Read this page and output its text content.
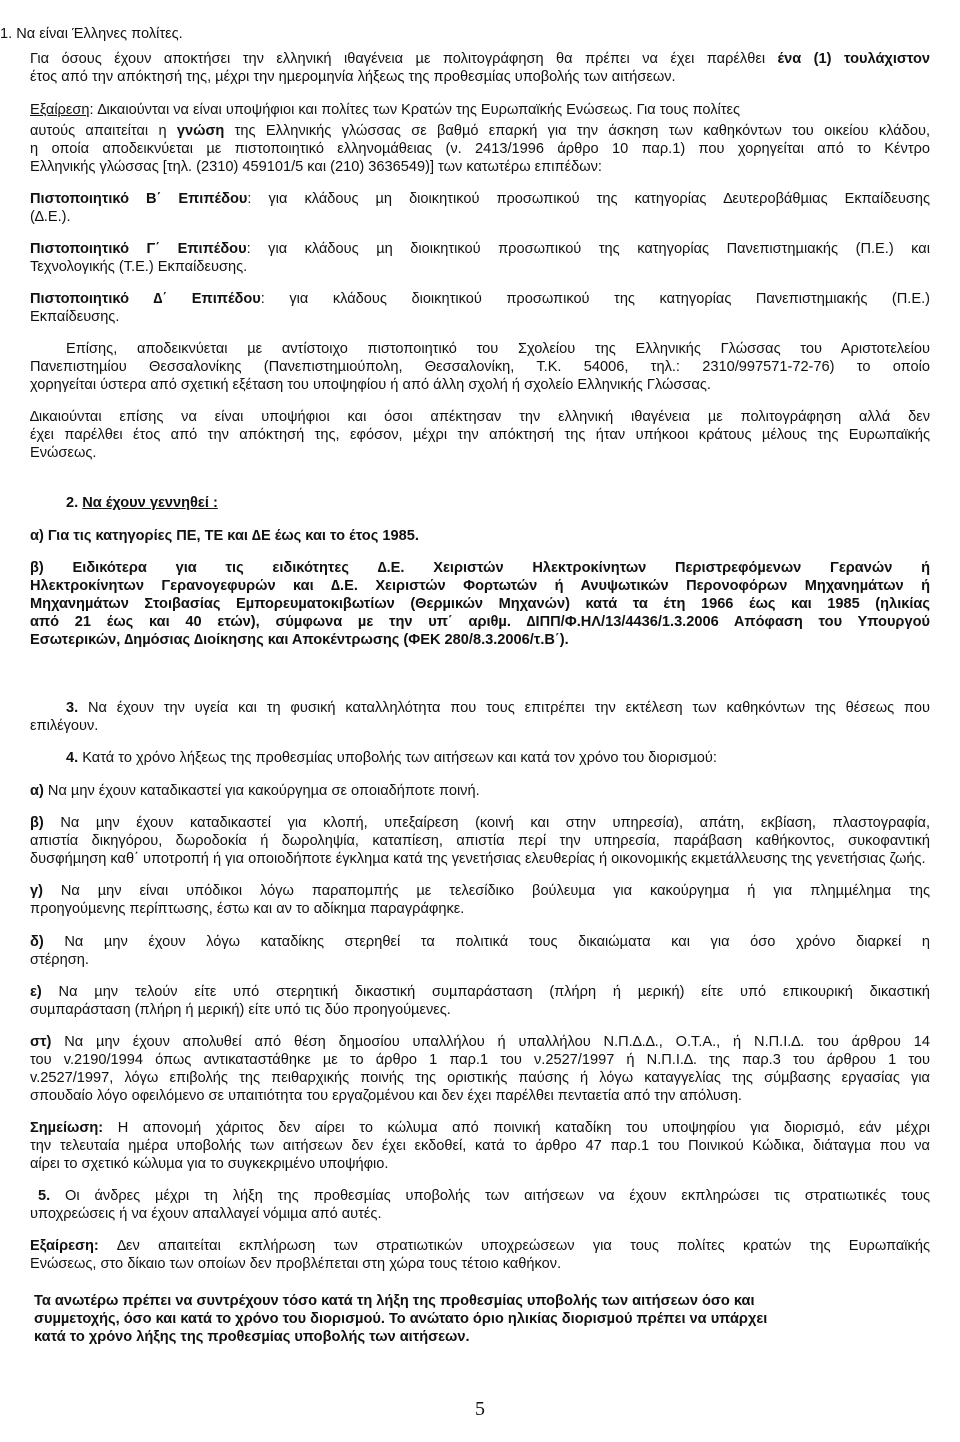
1. Να είναι Έλληνες πολίτες.
Για όσους έχουν αποκτήσει την ελληνική ιθαγένεια µε πολιτογράφηση θα πρέπει να έχει παρέλθει ένα (1) τουλάχιστον
έτος από την απόκτησή της, µέχρι την ηµεροµηνία λήξεως της προθεσµίας υποβολής των αιτήσεων.
Εξαίρεση: ∆ικαιούνται να είναι υποψήφιοι και πολίτες των Κρατών της Ευρωπαϊκής Ενώσεως. Για τους πολίτες
αυτούς απαιτείται η γνώση της Ελληνικής γλώσσας σε βαθµό επαρκή για την άσκηση των καθηκόντων του οικείου κλάδου,
η οποία αποδεικνύεται µε πιστοποιητικό ελληνοµάθειας (ν. 2413/1996 άρθρο 10 παρ.1) που χορηγείται από το Κέντρο
Ελληνικής γλώσσας [τηλ. (2310) 459101/5 και (210) 3636549)] των κατωτέρω επιπέδων:
Πιστοποιητικό Β΄ Επιπέδου: για κλάδους µη διοικητικού προσωπικού της κατηγορίας ∆ευτεροβάθµιας Εκπαίδευσης
(∆.Ε.).
Πιστοποιητικό Γ΄ Επιπέδου: για κλάδους µη διοικητικού προσωπικού της κατηγορίας Πανεπιστηµιακής (Π.Ε.) και
Τεχνολογικής (Τ.Ε.) Εκπαίδευσης.
Πιστοποιητικό ∆΄ Επιπέδου: για κλάδους διοικητικού προσωπικού της κατηγορίας Πανεπιστηµιακής (Π.Ε.)
Εκπαίδευσης.
Επίσης, αποδεικνύεται µε αντίστοιχο πιστοποιητικό του Σχολείου της Ελληνικής Γλώσσας του Αριστοτελείου
Πανεπιστηµίου Θεσσαλονίκης (Πανεπιστηµιούπολη, Θεσσαλονίκη, Τ.Κ. 54006, τηλ.: 2310/997571-72-76) το οποίο
χορηγείται ύστερα από σχετική εξέταση του υποψηφίου ή από άλλη σχολή ή σχολείο Ελληνικής Γλώσσας.
∆ικαιούνται επίσης να είναι υποψήφιοι και όσοι απέκτησαν την ελληνική ιθαγένεια µε πολιτογράφηση αλλά δεν
έχει παρέλθει έτος από την απόκτησή της, εφόσον, µέχρι την απόκτησή της ήταν υπήκοοι κράτους µέλους της Ευρωπαϊκής
Ενώσεως.
2. Να έχουν γεννηθεί :
α) Για τις κατηγορίες ΠΕ, ΤΕ και ∆Ε έως και το έτος 1985.
β) Ειδικότερα για τις ειδικότητες ∆.Ε. Χειριστών Ηλεκτροκίνητων Περιστρεφόµενων Γερανών ή
Ηλεκτροκίνητων Γερανογεφυρών και ∆.Ε. Χειριστών Φορτωτών ή Ανυψωτικών Περονοφόρων Μηχανηµάτων ή
Μηχανηµάτων Στοιβασίας Εµπορευµατοκιβωτίων (Θερµικών Μηχανών) κατά τα έτη 1966 έως και 1985 (ηλικίας
από 21 έως και 40 ετών), σύµφωνα µε την υπ΄ αριθµ. ∆ΙΠΠ/Φ.ΗΛ/13/4436/1.3.2006 Απόφαση του Υπουργού
Εσωτερικών, ∆ηµόσιας ∆ιοίκησης και Αποκέντρωσης (ΦΕΚ 280/8.3.2006/τ.Β΄).
3. Να έχουν την υγεία και τη φυσική καταλληλότητα που τους επιτρέπει την εκτέλεση των καθηκόντων της θέσεως που
επιλέγουν.
4. Κατά το χρόνο λήξεως της προθεσµίας υποβολής των αιτήσεων και κατά τον χρόνο του διορισµού:
α) Να µην έχουν καταδικαστεί για κακούργηµα σε οποιαδήποτε ποινή.
β) Να µην έχουν καταδικαστεί για κλοπή, υπεξαίρεση (κοινή και στην υπηρεσία), απάτη, εκβίαση, πλαστογραφία,
απιστία δικηγόρου, δωροδοκία ή δωροληψία, καταπίεση, απιστία περί την υπηρεσία, παράβαση καθήκοντος, συκοφαντική
δυσφήµηση καθ΄ υποτροπή ή για οποιοδήποτε έγκληµα κατά της γενετήσιας ελευθερίας ή οικονοµικής εκµετάλλευσης της γενετήσιας ζωής.
γ) Να µην είναι υπόδικοι λόγω παραποµπής µε τελεσίδικο βούλευµα για κακούργηµα ή για πληµµέληµα της
προηγούµενης περίπτωσης, έστω και αν το αδίκηµα παραγράφηκε.
δ) Να µην έχουν λόγω καταδίκης στερηθεί τα πολιτικά τους δικαιώµατα και για όσο χρόνο διαρκεί η
στέρηση.
ε) Να µην τελούν είτε υπό στερητική δικαστική συµπαράσταση (πλήρη ή µερική) είτε υπό επικουρική δικαστική
συµπαράσταση (πλήρη ή µερική) είτε υπό τις δύο προηγούµενες.
στ) Να µην έχουν απολυθεί από θέση δηµοσίου υπαλλήλου ή υπαλλήλου Ν.Π.∆.∆., Ο.Τ.Α., ή Ν.Π.Ι.∆. του άρθρου 14
του v.2190/1994 όπως αντικαταστάθηκε µε το άρθρο 1 παρ.1 του ν.2527/1997 ή Ν.Π.Ι.∆. της παρ.3 του άρθρου 1 του
v.2527/1997, λόγω επιβολής της πειθαρχικής ποινής της οριστικής παύσης ή λόγω καταγγελίας της σύµβασης εργασίας για
σπουδαίο λόγο οφειλόµενο σε υπαιτιότητα του εργαζοµένου και δεν έχει παρέλθει πενταετία από την απόλυση.
Σηµείωση: Η απονοµή χάριτος δεν αίρει το κώλυµα από ποινική καταδίκη του υποψηφίου για διορισµό, εάν µέχρι
την τελευταία ηµέρα υποβολής των αιτήσεων δεν έχει εκδοθεί, κατά το άρθρο 47 παρ.1 του Ποινικού Κώδικα, διάταγµα που να
αίρει το σχετικό κώλυµα για το συγκεκριµένο υποψήφιο.
5. Οι άνδρες µέχρι τη λήξη της προθεσµίας υποβολής των αιτήσεων να έχουν εκπληρώσει τις στρατιωτικές τους
υποχρεώσεις ή να έχουν απαλλαγεί νόµιµα από αυτές.
Εξαίρεση: ∆εν απαιτείται εκπλήρωση των στρατιωτικών υποχρεώσεων για τους πολίτες κρατών της Ευρωπαϊκής
Ενώσεως, στο δίκαιο των οποίων δεν προβλέπεται στη χώρα τους τέτοιο καθήκον.
Τα ανωτέρω πρέπει να συντρέχουν τόσο κατά τη λήξη της προθεσµίας υποβολής των αιτήσεων όσο και
συµµετοχής, όσο και κατά το χρόνο του διορισµού. Το ανώτατο όριο ηλικίας διορισµού πρέπει να υπάρχει
κατά το χρόνο λήξης της προθεσµίας υποβολής των αιτήσεων.
5
